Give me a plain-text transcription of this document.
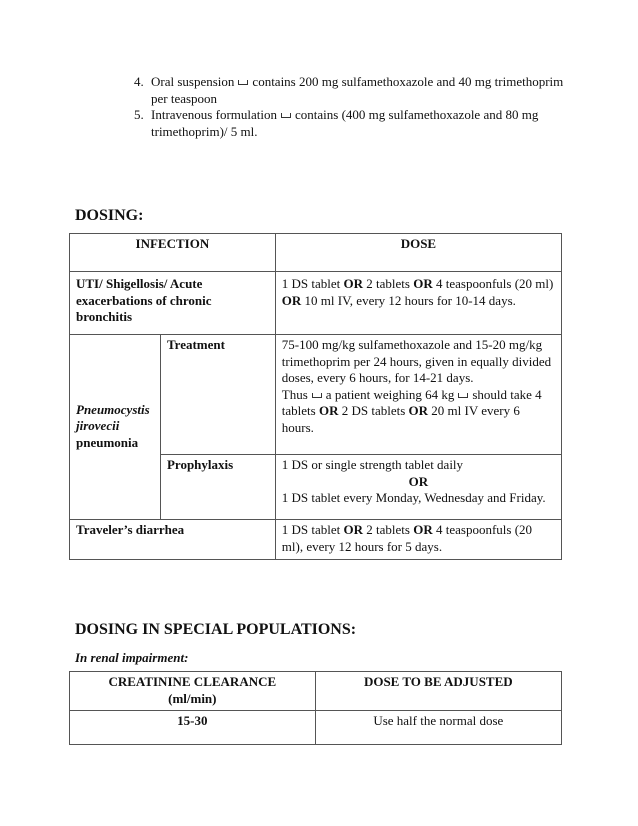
4. Oral suspension contains 200 mg sulfamethoxazole and 40 mg trimethoprim per teaspoon
5. Intravenous formulation contains (400 mg sulfamethoxazole and 80 mg trimethoprim)/ 5 ml.
DOSING:
INFECTION		DOSE
UTI/ Shigellosis/ Acute exacerbations of chronic bronchitis		1 DS tablet OR 2 tablets OR 4 teaspoonfuls (20 ml) OR 10 ml IV, every 12 hours for 10-14 days.
Pneumocystis jirovecii
pneumonia	Treatment	75-100 mg/kg sulfamethoxazole and 15-20 mg/kg trimethoprim per 24 hours, given in equally divided doses, every 6 hours, for 14-21 days.
Thus a patient weighing 64 kg should take 4 tablets OR 2 DS tablets OR 20 ml IV every 6 hours.
	Prophylaxis	1 DS or single strength tablet daily
OR
1 DS tablet every Monday, Wednesday and Friday.
Traveler’s diarrhea		1 DS tablet OR 2 tablets OR 4 teaspoonfuls (20 ml), every 12 hours for 5 days.
DOSING IN SPECIAL POPULATIONS:
In renal impairment:
CREATININE CLEARANCE (ml/min)	DOSE TO BE ADJUSTED
15-30	Use half the normal dose
